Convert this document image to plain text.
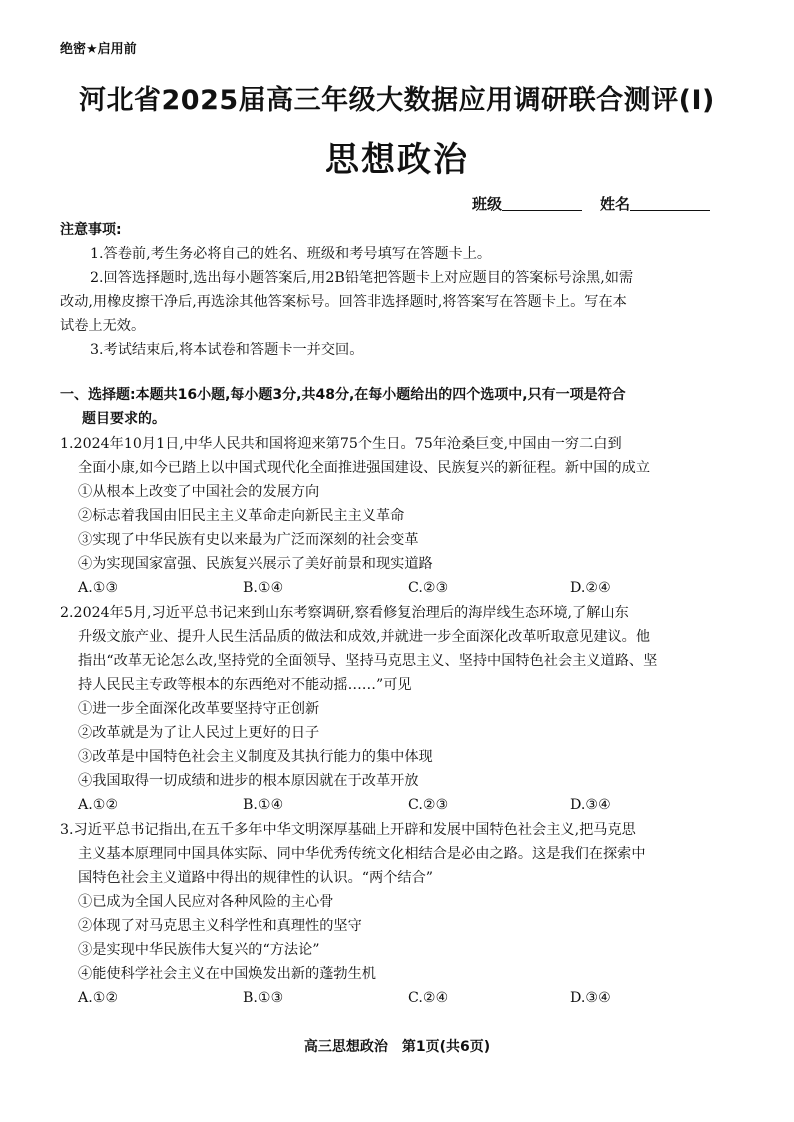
绝密★启用前
河北省2025届高三年级大数据应用调研联合测评(Ⅰ)
思想政治
班级	姓名
注意事项:
1.答卷前,考生务必将自己的姓名、班级和考号填写在答题卡上。
2.回答选择题时,选出每小题答案后,用2B铅笔把答题卡上对应题目的答案标号涂黑,如需
改动,用橡皮擦干净后,再选涂其他答案标号。回答非选择题时,将答案写在答题卡上。写在本
试卷上无效。
3.考试结束后,将本试卷和答题卡一并交回。
一、选择题:本题共16小题,每小题3分,共48分,在每小题给出的四个选项中,只有一项是符合
题目要求的。
1.2024年10月1日,中华人民共和国将迎来第75个生日。75年沧桑巨变,中国由一穷二白到
全面小康,如今已踏上以中国式现代化全面推进强国建设、民族复兴的新征程。新中国的成立
①从根本上改变了中国社会的发展方向
②标志着我国由旧民主主义革命走向新民主主义革命
③实现了中华民族有史以来最为广泛而深刻的社会变革
④为实现国家富强、民族复兴展示了美好前景和现实道路
A.①③	B.①④	C.②③	D.②④
2.2024年5月,习近平总书记来到山东考察调研,察看修复治理后的海岸线生态环境,了解山东
升级文旅产业、提升人民生活品质的做法和成效,并就进一步全面深化改革听取意见建议。他
指出“改革无论怎么改,坚持党的全面领导、坚持马克思主义、坚持中国特色社会主义道路、坚
持人民民主专政等根本的东西绝对不能动摇……”可见
①进一步全面深化改革要坚持守正创新
②改革就是为了让人民过上更好的日子
③改革是中国特色社会主义制度及其执行能力的集中体现
④我国取得一切成绩和进步的根本原因就在于改革开放
A.①②	B.①④	C.②③	D.③④
3.习近平总书记指出,在五千多年中华文明深厚基础上开辟和发展中国特色社会主义,把马克思
主义基本原理同中国具体实际、同中华优秀传统文化相结合是必由之路。这是我们在探索中
国特色社会主义道路中得出的规律性的认识。“两个结合”
①已成为全国人民应对各种风险的主心骨
②体现了对马克思主义科学性和真理性的坚守
③是实现中华民族伟大复兴的“方法论”
④能使科学社会主义在中国焕发出新的蓬勃生机
A.①②	B.①③	C.②④	D.③④
高三思想政治　第1页(共6页)
